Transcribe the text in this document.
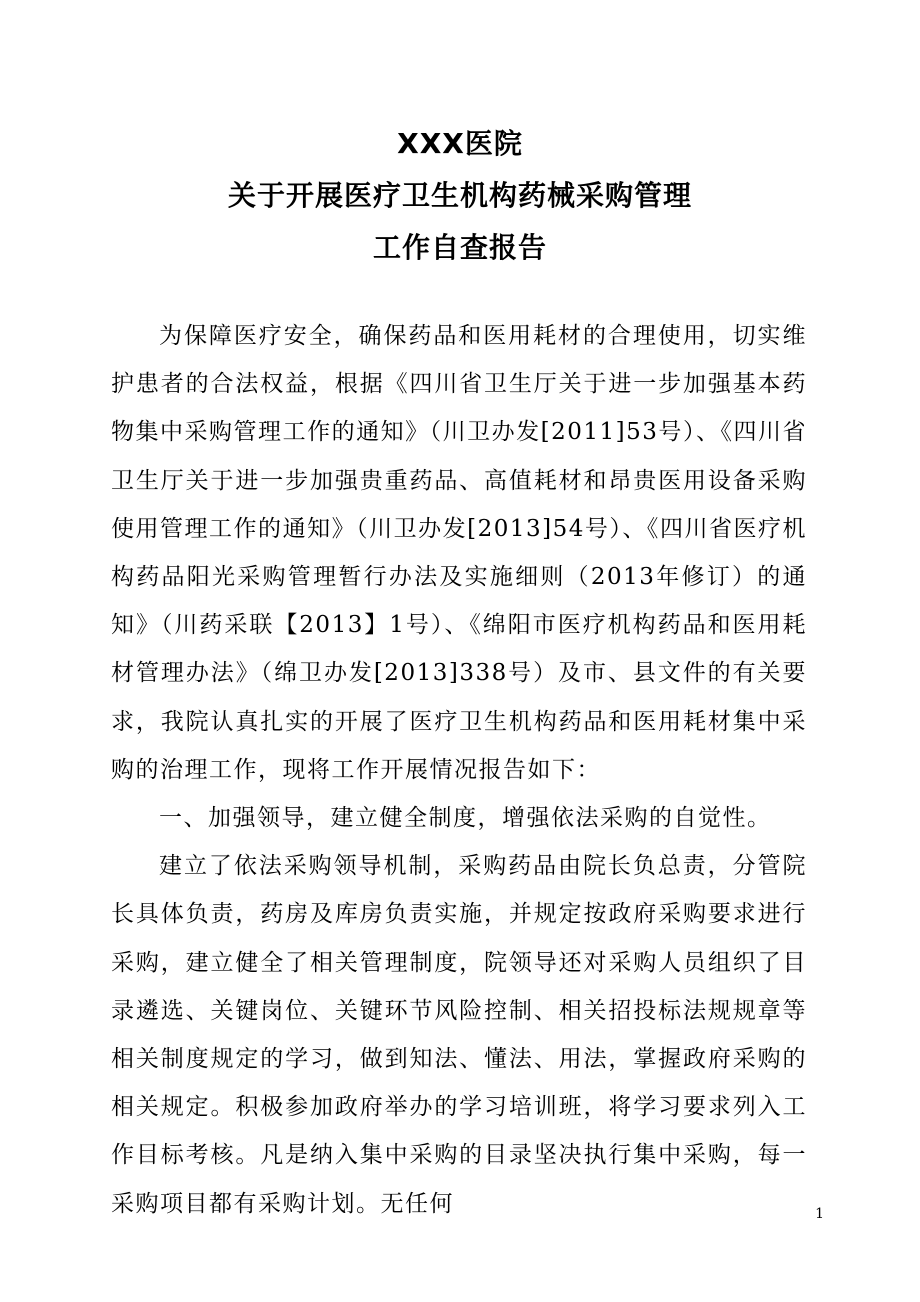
XXX医院
关于开展医疗卫生机构药械采购管理
工作自查报告

为保障医疗安全，确保药品和医用耗材的合理使用，切实维护患者的合法权益，根据《四川省卫生厅关于进一步加强基本药物集中采购管理工作的通知》（川卫办发[2011]53号）、《四川省卫生厅关于进一步加强贵重药品、高值耗材和昂贵医用设备采购使用管理工作的通知》（川卫办发[2013]54号）、《四川省医疗机构药品阳光采购管理暂行办法及实施细则（2013年修订）的通知》（川药采联【2013】1号）、《绵阳市医疗机构药品和医用耗材管理办法》（绵卫办发[2013]338号）及市、县文件的有关要求，我院认真扎实的开展了医疗卫生机构药品和医用耗材集中采购的治理工作，现将工作开展情况报告如下：

一、加强领导，建立健全制度，增强依法采购的自觉性。

建立了依法采购领导机制，采购药品由院长负总责，分管院长具体负责，药房及库房负责实施，并规定按政府采购要求进行采购，建立健全了相关管理制度，院领导还对采购人员组织了目录遴选、关键岗位、关键环节风险控制、相关招投标法规规章等相关制度规定的学习，做到知法、懂法、用法，掌握政府采购的相关规定。积极参加政府举办的学习培训班，将学习要求列入工作目标考核。凡是纳入集中采购的目录坚决执行集中采购，每一采购项目都有采购计划。无任何	1
